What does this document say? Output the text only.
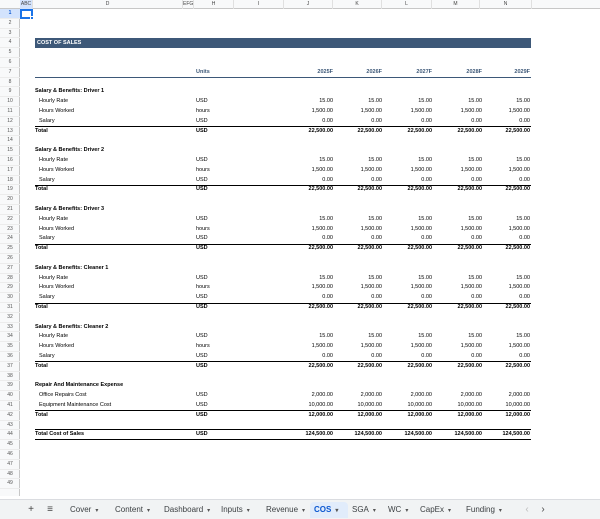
ABC	D	EFG	H	I	J	K	L	M	N
1
2
3
4
5
6
7
8
9
10
11
12
13
14
15
16
17
18
19
20
21
22
23
24
25
26
27
28
29
30
31
32
33
34
35
36
37
38
39
40
41
42
43
44
45
46
47
48
49
COST OF SALES
Units	2025F	2026F	2027F	2028F	2029F
Salary & Benefits: Driver 1
Hourly Rate	USD	15.00	15.00	15.00	15.00	15.00
Hours Worked	hours	1,500.00	1,500.00	1,500.00	1,500.00	1,500.00
Salary	USD	0.00	0.00	0.00	0.00	0.00
Total	USD	22,500.00	22,500.00	22,500.00	22,500.00	22,500.00
Salary & Benefits: Driver 2
Hourly Rate	USD	15.00	15.00	15.00	15.00	15.00
Hours Worked	hours	1,500.00	1,500.00	1,500.00	1,500.00	1,500.00
Salary	USD	0.00	0.00	0.00	0.00	0.00
Total	USD	22,500.00	22,500.00	22,500.00	22,500.00	22,500.00
Salary & Benefits: Driver 3
Hourly Rate	USD	15.00	15.00	15.00	15.00	15.00
Hours Worked	hours	1,500.00	1,500.00	1,500.00	1,500.00	1,500.00
Salary	USD	0.00	0.00	0.00	0.00	0.00
Total	USD	22,500.00	22,500.00	22,500.00	22,500.00	22,500.00
Salary & Benefits: Cleaner 1
Hourly Rate	USD	15.00	15.00	15.00	15.00	15.00
Hours Worked	hours	1,500.00	1,500.00	1,500.00	1,500.00	1,500.00
Salary	USD	0.00	0.00	0.00	0.00	0.00
Total	USD	22,500.00	22,500.00	22,500.00	22,500.00	22,500.00
Salary & Benefits: Cleaner 2
Hourly Rate	USD	15.00	15.00	15.00	15.00	15.00
Hours Worked	hours	1,500.00	1,500.00	1,500.00	1,500.00	1,500.00
Salary	USD	0.00	0.00	0.00	0.00	0.00
Total	USD	22,500.00	22,500.00	22,500.00	22,500.00	22,500.00
Repair And Maintenance Expense
Office Repairs Cost	USD	2,000.00	2,000.00	2,000.00	2,000.00	2,000.00
Equipment Maintenance Cost	USD	10,000.00	10,000.00	10,000.00	10,000.00	10,000.00
Total	USD	12,000.00	12,000.00	12,000.00	12,000.00	12,000.00
Total Cost of Sales	USD	124,500.00	124,500.00	124,500.00	124,500.00	124,500.00
+	≡	Cover ▾	Content ▾	Dashboard ▾	Inputs ▾	Revenue ▾	COS ▾	SGA ▾	WC ▾	CapEx ▾	Funding ▾	‹	›
